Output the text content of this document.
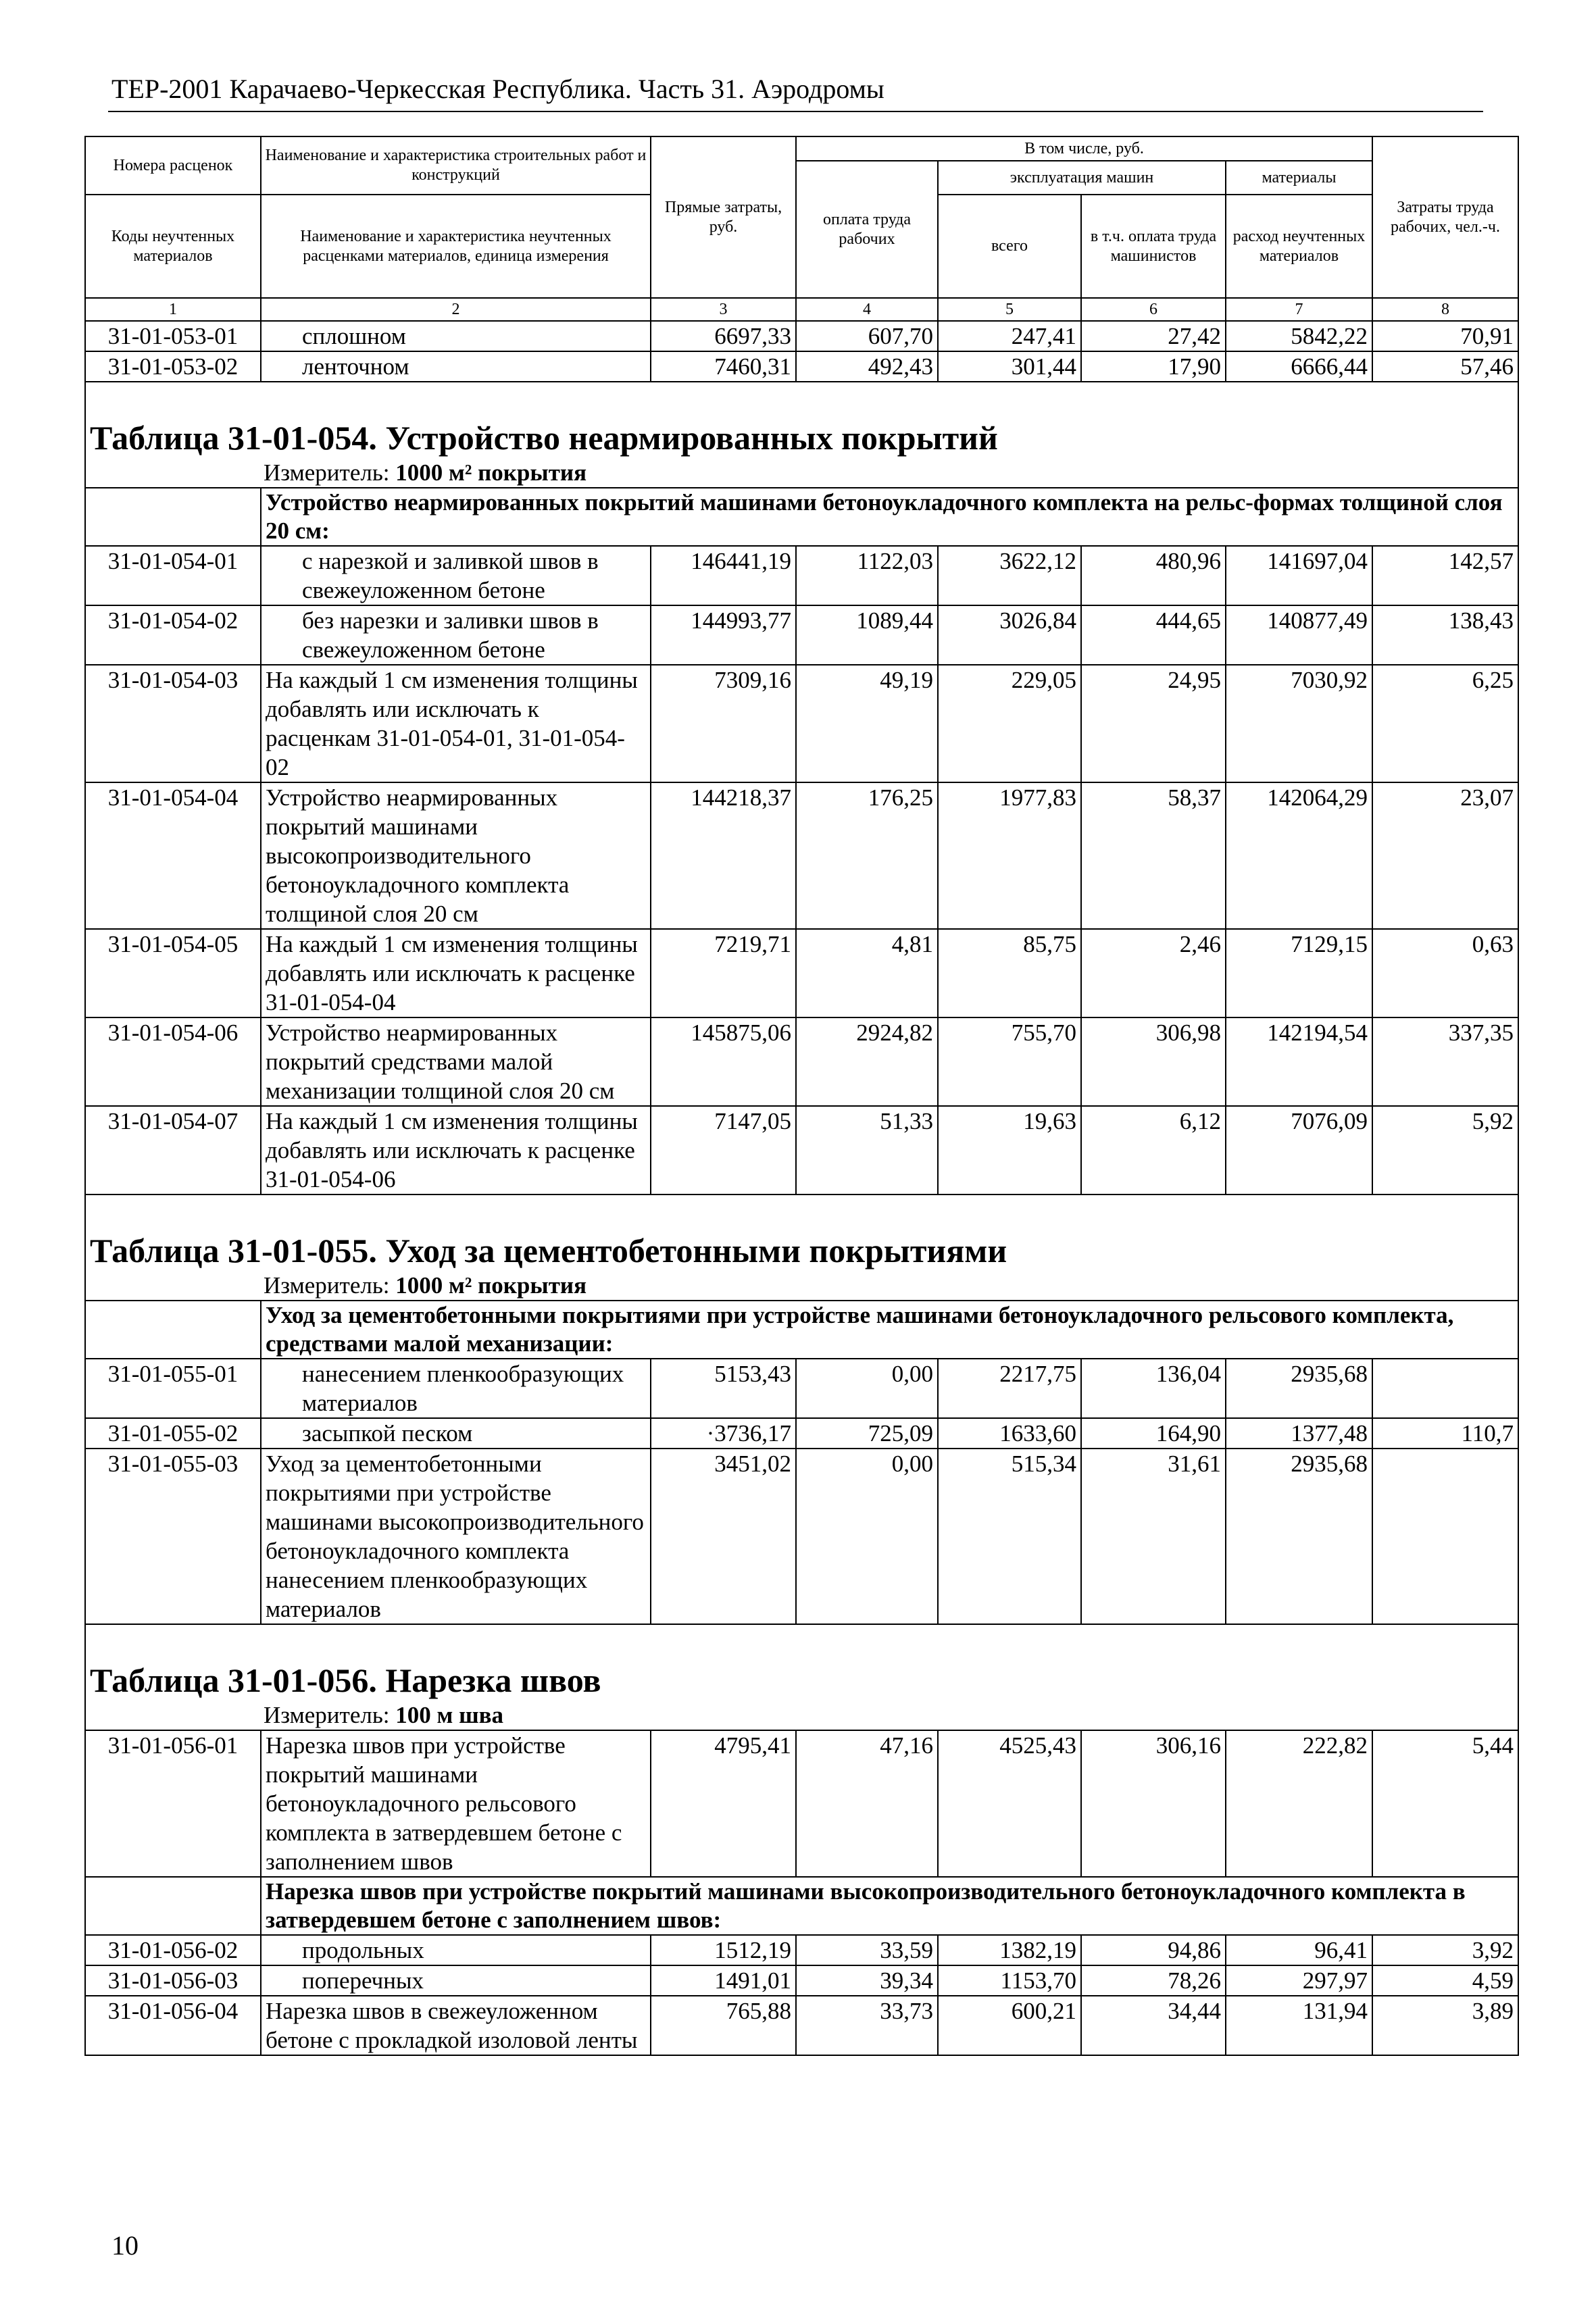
ТЕР-2001 Карачаево-Черкесская Республика. Часть 31. Аэродромы
Номера расценок	Наименование и характеристика строительных работ и конструкций	Прямые затраты, руб.	В том числе, руб.				Затраты труда рабочих, чел.-ч.
			оплата труда рабочих	эксплуатация машин		материалы	
Коды неучтенных материалов	Наименование и характеристика неучтенных расценками материалов, единица измерения			всего	в т.ч. оплата труда машинистов	расход неучтенных материалов	
1	2	3	4	5	6	7	8
31-01-053-01	сплошном	6697,33	607,70	247,41	27,42	5842,22	70,91
31-01-053-02	ленточном	7460,31	492,43	301,44	17,90	6666,44	57,46

Таблица 31-01-054. Устройство неармированных покрытий							
Измеритель: 1000 м² покрытия							
	Устройство неармированных покрытий машинами бетоноукладочного комплекта на рельс-формах толщиной слоя 20 см:						
31-01-054-01	с нарезкой и заливкой швов в свежеуложенном бетоне	146441,19	1122,03	3622,12	480,96	141697,04	142,57
31-01-054-02	без нарезки и заливки швов в свежеуложенном бетоне	144993,77	1089,44	3026,84	444,65	140877,49	138,43
31-01-054-03	На каждый 1 см изменения толщины добавлять или исключать к расценкам 31-01-054-01, 31-01-054-02	7309,16	49,19	229,05	24,95	7030,92	6,25
31-01-054-04	Устройство неармированных покрытий машинами высокопроизводительного бетоноукладочного комплекта толщиной слоя 20 см	144218,37	176,25	1977,83	58,37	142064,29	23,07
31-01-054-05	На каждый 1 см изменения толщины добавлять или исключать к расценке 31-01-054-04	7219,71	4,81	85,75	2,46	7129,15	0,63
31-01-054-06	Устройство неармированных покрытий средствами малой механизации толщиной слоя 20 см	145875,06	2924,82	755,70	306,98	142194,54	337,35
31-01-054-07	На каждый 1 см изменения толщины добавлять или исключать к расценке 31-01-054-06	7147,05	51,33	19,63	6,12	7076,09	5,92

Таблица 31-01-055. Уход за цементобетонными покрытиями							
Измеритель: 1000 м² покрытия							
	Уход за цементобетонными покрытиями при устройстве машинами бетоноукладочного рельсового комплекта, средствами малой механизации:						
31-01-055-01	нанесением пленкообразующих материалов	5153,43	0,00	2217,75	136,04	2935,68	
31-01-055-02	засыпкой песком	·3736,17	725,09	1633,60	164,90	1377,48	110,7
31-01-055-03	Уход за цементобетонными покрытиями при устройстве машинами высокопроизводительного бетоноукладочного комплекта нанесением пленкообразующих материалов	3451,02	0,00	515,34	31,61	2935,68	

Таблица 31-01-056. Нарезка швов							
Измеритель: 100 м шва							
31-01-056-01	Нарезка швов при устройстве покрытий машинами бетоноукладочного рельсового комплекта в затвердевшем бетоне с заполнением швов	4795,41	47,16	4525,43	306,16	222,82	5,44
	Нарезка швов при устройстве покрытий машинами высокопроизводительного бетоноукладочного комплекта в затвердевшем бетоне с заполнением швов:						
31-01-056-02	продольных	1512,19	33,59	1382,19	94,86	96,41	3,92
31-01-056-03	поперечных	1491,01	39,34	1153,70	78,26	297,97	4,59
31-01-056-04	Нарезка швов в свежеуложенном бетоне с прокладкой изоловой ленты	765,88	33,73	600,21	34,44	131,94	3,89
10
